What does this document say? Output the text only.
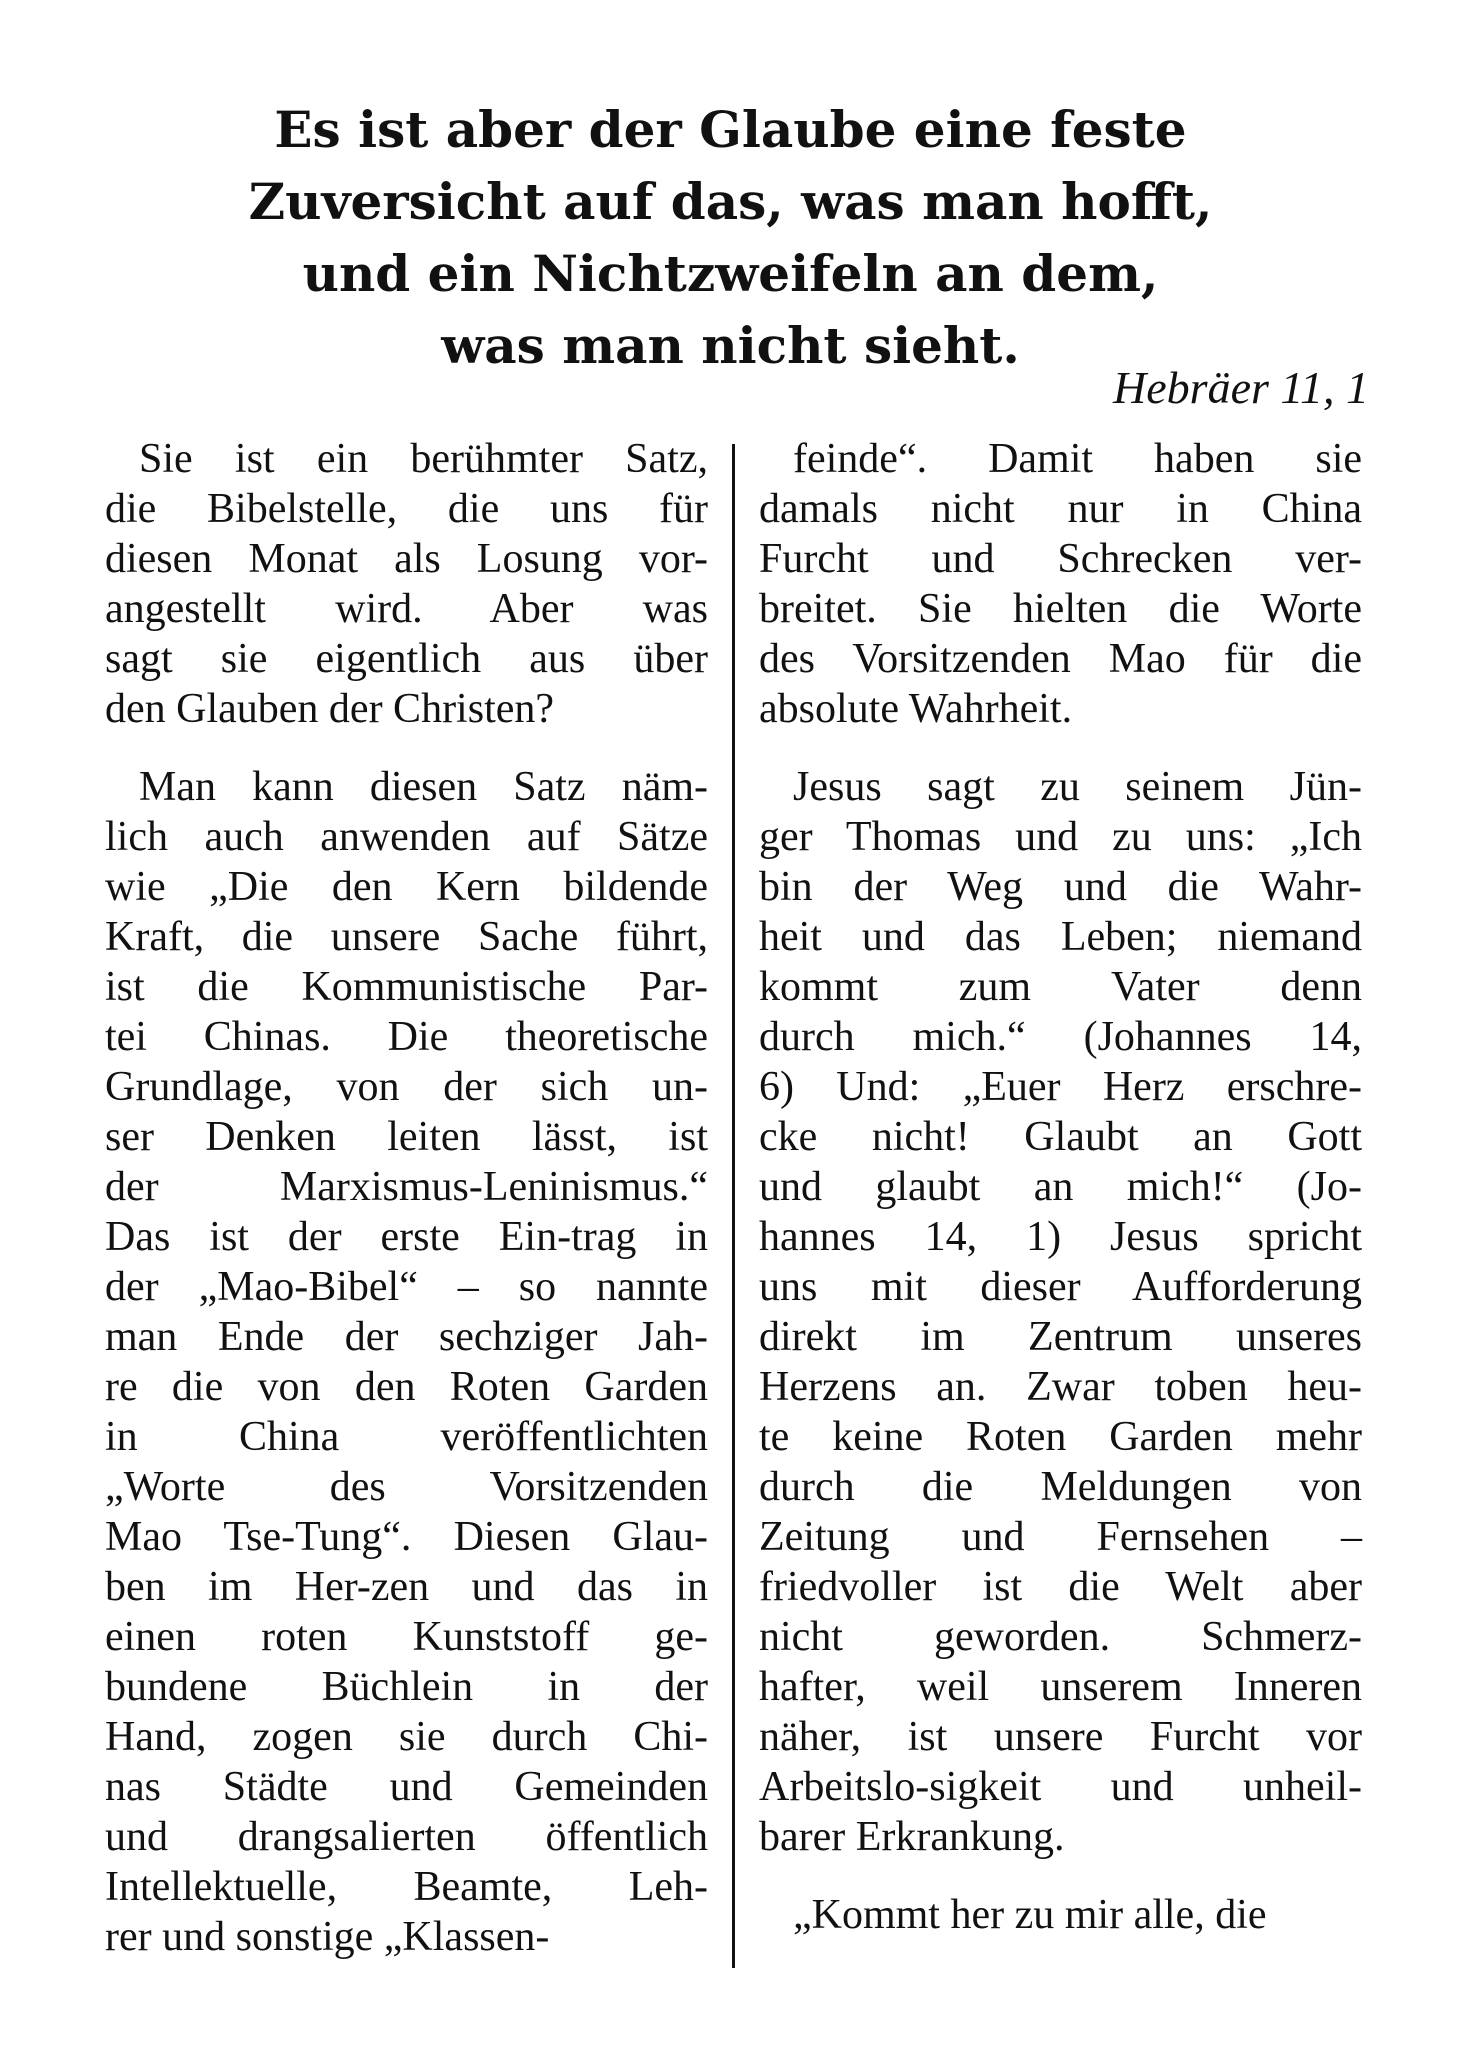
Es ist aber der Glaube eine feste
Zuversicht auf das, was man hofft,
und ein Nichtzweifeln an dem,
was man nicht sieht.

Hebräer 11, 1

Sie ist ein berühmter Satz,
die Bibelstelle, die uns für
diesen Monat als Losung vor-
angestellt wird. Aber was
sagt sie eigentlich aus über
den Glauben der Christen?

Man kann diesen Satz näm-
lich auch anwenden auf Sätze
wie „Die den Kern bildende
Kraft, die unsere Sache führt,
ist die Kommunistische Par-
tei Chinas. Die theoretische
Grundlage, von der sich un-
ser Denken leiten lässt, ist
der Marxismus-Leninismus.“
Das ist der erste Ein-trag in
der „Mao-Bibel“ – so nannte
man Ende der sechziger Jah-
re die von den Roten Garden
in China veröffentlichten
„Worte des Vorsitzenden
Mao Tse-Tung“. Diesen Glau-
ben im Her-zen und das in
einen roten Kunststoff ge-
bundene Büchlein in der
Hand, zogen sie durch Chi-
nas Städte und Gemeinden
und drangsalierten öffentlich
Intellektuelle, Beamte, Leh-
rer und sonstige „Klassen-

feinde“. Damit haben sie
damals nicht nur in China
Furcht und Schrecken ver-
breitet. Sie hielten die Worte
des Vorsitzenden Mao für die
absolute Wahrheit.

Jesus sagt zu seinem Jün-
ger Thomas und zu uns: „Ich
bin der Weg und die Wahr-
heit und das Leben; niemand
kommt zum Vater denn
durch mich.“ (Johannes 14,
6) Und: „Euer Herz erschre-
cke nicht! Glaubt an Gott
und glaubt an mich!“ (Jo-
hannes 14, 1) Jesus spricht
uns mit dieser Aufforderung
direkt im Zentrum unseres
Herzens an. Zwar toben heu-
te keine Roten Garden mehr
durch die Meldungen von
Zeitung und Fernsehen –
friedvoller ist die Welt aber
nicht geworden. Schmerz-
hafter, weil unserem Inneren
näher, ist unsere Furcht vor
Arbeitslo-sigkeit und unheil-
barer Erkrankung.

„Kommt her zu mir alle, die
